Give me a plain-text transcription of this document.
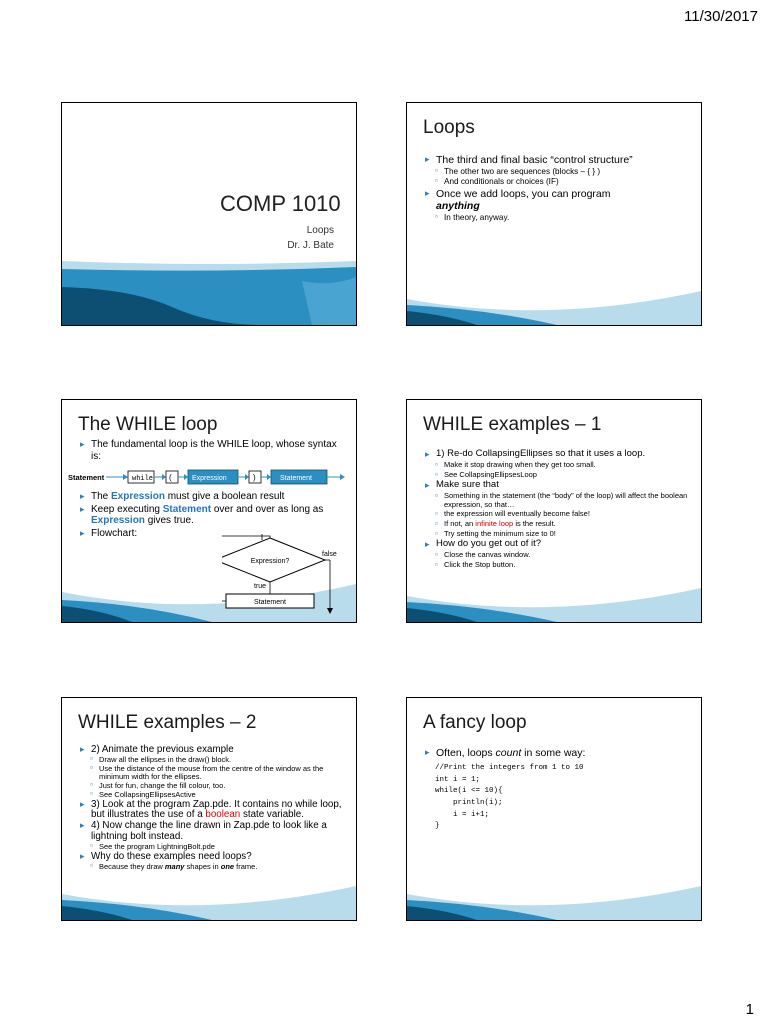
11/30/2017
COMP 1010
Loops
Dr. J. Bate
Loops
▸ The third and final basic “control structure”
▫ The other two are sequences (blocks – { } )
▫ And conditionals or choices (IF)
▸ Once we add loops, you can program
anything
▫ In theory, anyway.
The WHILE loop
▸ The fundamental loop is the WHILE loop, whose syntax is:
Statement	while (	Expression	)	Statement
▸ The Expression must give a boolean result
▸ Keep executing Statement over and over as long as Expression gives true.
▸ Flowchart:
Expression?
false
true
Statement
WHILE examples – 1
▸ 1) Re-do CollapsingEllipses so that it uses a loop.
▫ Make it stop drawing when they get too small.
▫ See CollapsingEllipsesLoop
▸ Make sure that
▫ Something in the statement (the “body” of the loop) will affect the boolean expression, so that…
▫ the expression will eventually become false!
▫ If not, an infinite loop is the result.
▫ Try setting the minimum size to 0!
▸ How do you get out of it?
▫ Close the canvas window.
▫ Click the Stop button.
WHILE examples – 2
▸ 2) Animate the previous example
▫ Draw all the ellipses in the draw() block.
▫ Use the distance of the mouse from the centre of the window as the minimum width for the ellipses.
▫ Just for fun, change the fill colour, too.
▫ See CollapsingEllipsesActive
▸ 3) Look at the program Zap.pde. It contains no while loop, but illustrates the use of a boolean state variable.
▸ 4) Now change the line drawn in Zap.pde to look like a lightning bolt instead.
▫ See the program LightningBolt.pde
▸ Why do these examples need loops?
▫ Because they draw many shapes in one frame.
A fancy loop
▸ Often, loops count in some way:
//Print the integers from 1 to 10
int i = 1;
while(i <= 10){
println(i);
i = i+1;
}
1
